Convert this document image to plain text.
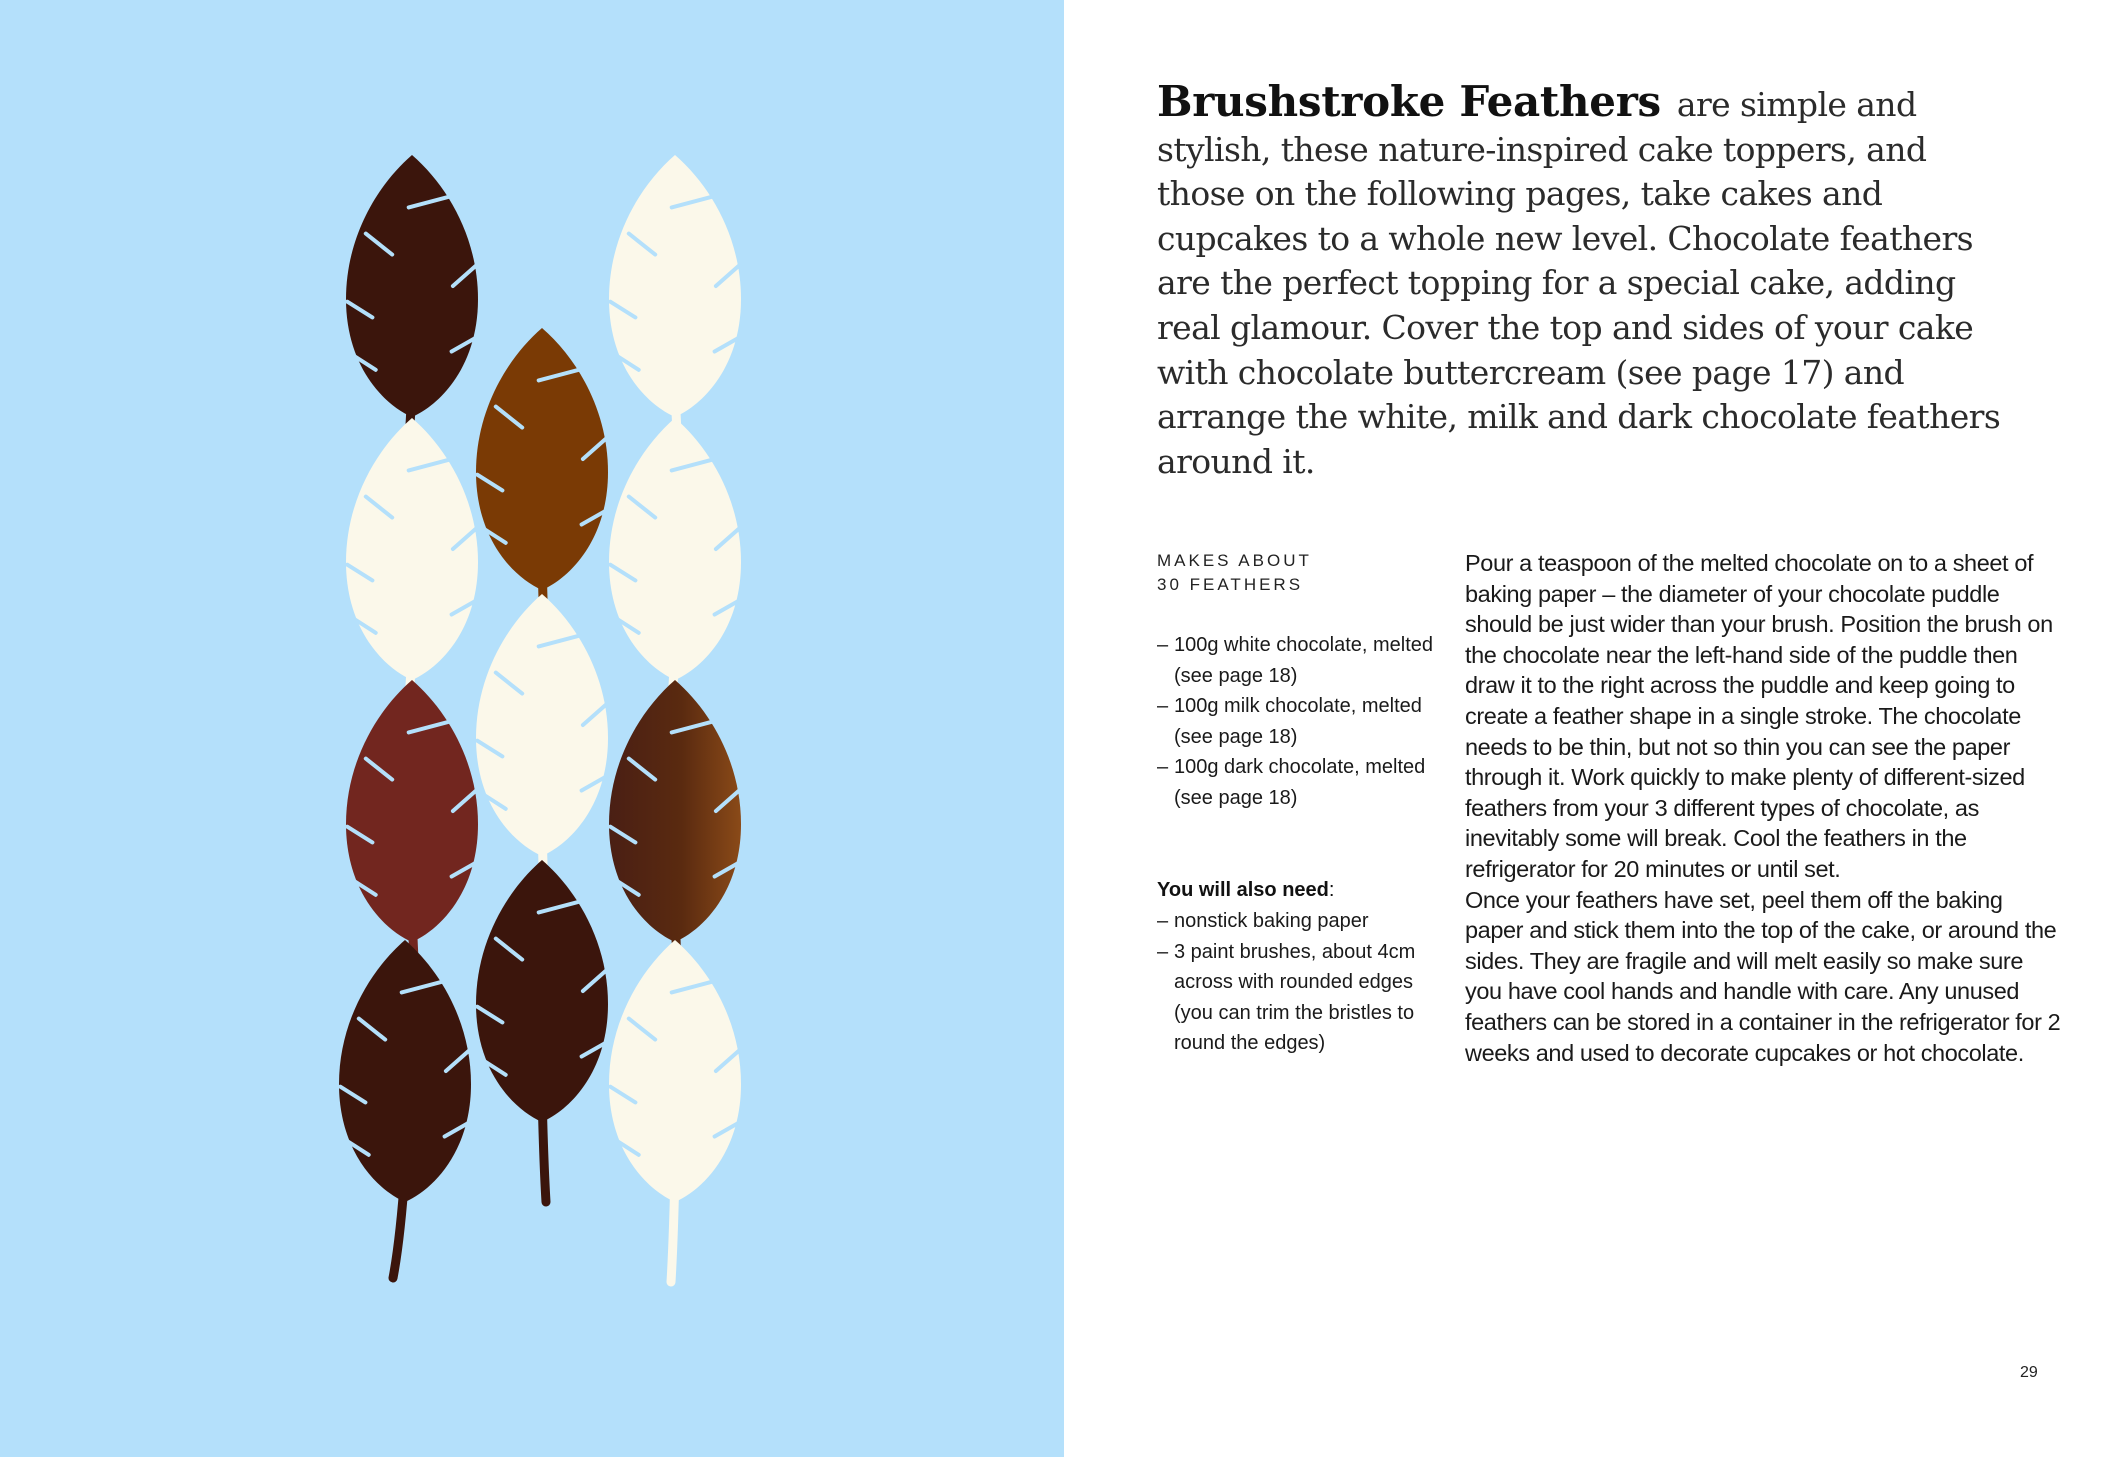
Brushstroke Feathers are simple and stylish, these nature-inspired cake toppers, and those on the following pages, take cakes and cupcakes to a whole new level. Chocolate feathers are the perfect topping for a special cake, adding real glamour. Cover the top and sides of your cake with chocolate buttercream (see page 17) and arrange the white, milk and dark chocolate feathers around it.

MAKES ABOUT
30 FEATHERS

– 100g white chocolate, melted (see page 18)
– 100g milk chocolate, melted (see page 18)
– 100g dark chocolate, melted (see page 18)

You will also need:

– nonstick baking paper
– 3 paint brushes, about 4cm across with rounded edges (you can trim the bristles to round the edges)

Pour a teaspoon of the melted chocolate on to a sheet of baking paper – the diameter of your chocolate puddle should be just wider than your brush. Position the brush on the chocolate near the left-hand side of the puddle then draw it to the right across the puddle and keep going to create a feather shape in a single stroke. The chocolate needs to be thin, but not so thin you can see the paper through it. Work quickly to make plenty of different-sized feathers from your 3 different types of chocolate, as inevitably some will break. Cool the feathers in the refrigerator for 20 minutes or until set.

Once your feathers have set, peel them off the baking paper and stick them into the top of the cake, or around the sides. They are fragile and will melt easily so make sure you have cool hands and handle with care. Any unused feathers can be stored in a container in the refrigerator for 2 weeks and used to decorate cupcakes or hot chocolate.

29
